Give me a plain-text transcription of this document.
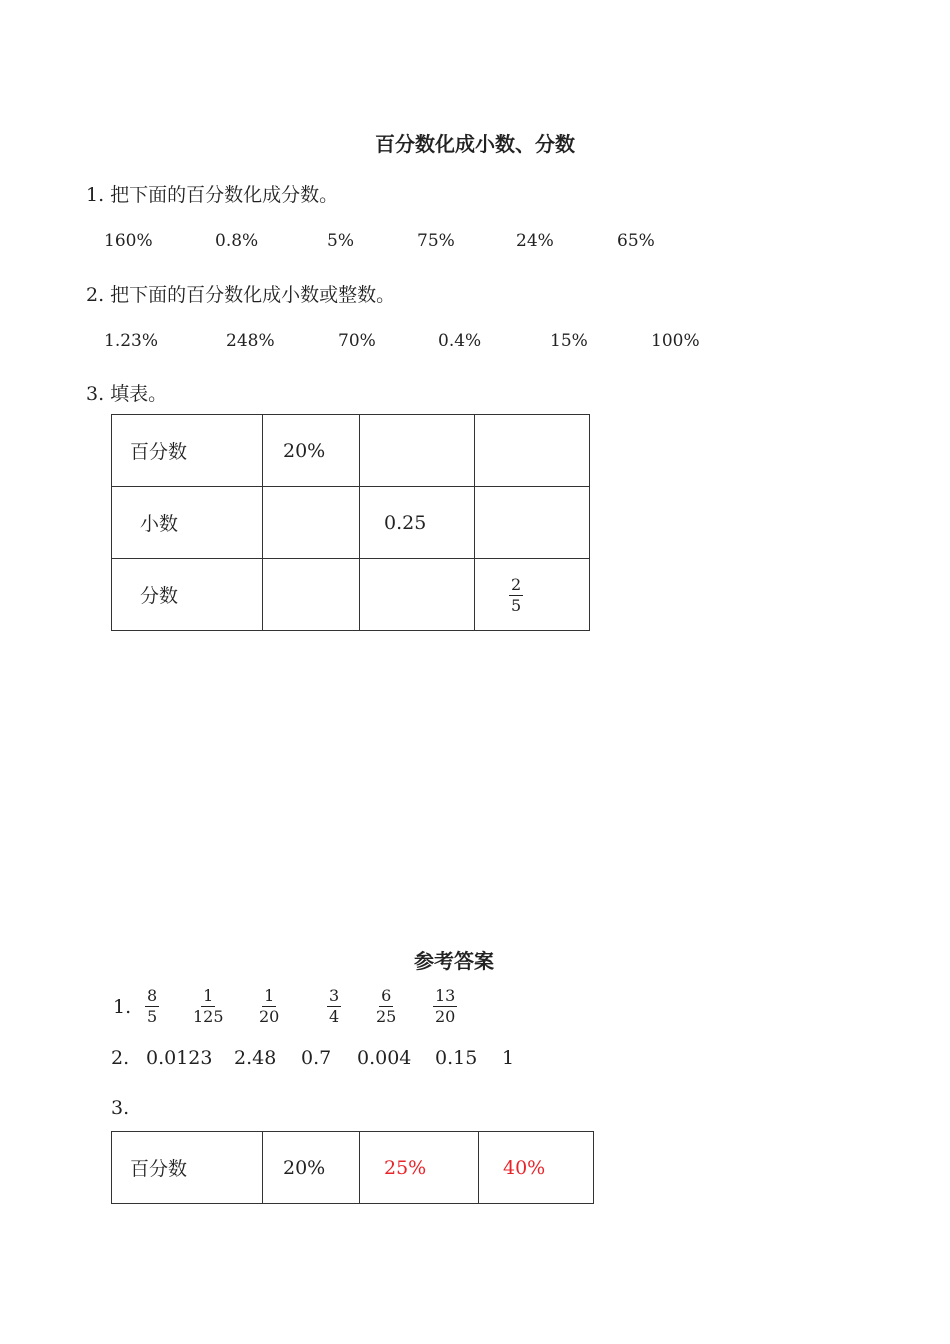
百分数化成小数、分数
1. 把下面的百分数化成分数。
160%	0.8%	5%	75%	24%	65%
2. 把下面的百分数化成小数或整数。
1.23%	248%	70%	0.4%	15%	100%
3. 填表。
百分数	20%		
小数		0.25	
分数			$\frac{2}{5}$
参考答案
1. $\frac{8}{5} \frac{1}{125} \frac{1}{20}$	$\frac{3}{4} \frac{6}{25} \frac{13}{20}$
2. 0.0123 2.48 0.7 0.004 0.15 1
3.
百分数	20%	25%	40%
